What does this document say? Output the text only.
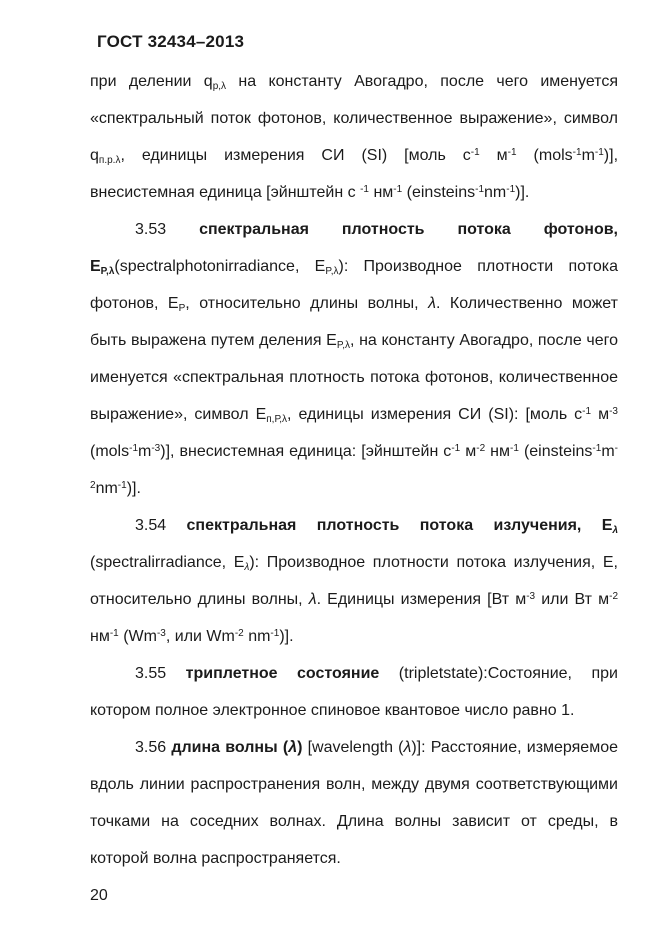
ГОСТ 32434–2013

при делении qр,λ на константу Авогадро, после чего именуется «спектральный поток фотонов, количественное выражение», символ qп.р.λ, единицы измерения СИ (SI) [моль $с^{-1}$ $м^{-1}$ $(mols^{-1}m^{-1})$], внесистемная единица [эйнштейн с $^{-1}$ $нм^{-1}$ $(einsteins^{-1}nm^{-1})$].

3.53 спектральная плотность потока фотонов, EP,λ(spectralphotonirradiance, EP,λ): Производное плотности потока фотонов, EP, относительно длины волны, λ. Количественно может быть выражена путем деления EP,λ, на константу Авогадро, после чего именуется «спектральная плотность потока фотонов, количественное выражение», символ Eп,Р,λ, единицы измерения СИ (SI): [моль $с^{-1}$ $м^{-3}$ $(mols^{-1}m^{-3})$], внесистемная единица: [эйнштейн $с^{-1}$ $м^{-2}$ $нм^{-1}$ $(einsteins^{-1}m^{-2}nm^{-1})$].

3.54 спектральная плотность потока излучения, Eλ (spectralirradiance, Eλ): Производное плотности потока излучения, E, относительно длины волны, λ. Единицы измерения [Вт $м^{-3}$ или Вт $м^{-2}$ $нм^{-1}$ ($Wm^{-3}$, или $Wm^{-2}$ $nm^{-1}$)].

3.55 триплетное состояние (tripletstate):Состояние, при котором полное электронное спиновое квантовое число равно 1.

3.56 длина волны (λ) [wavelength (λ)]: Расстояние, измеряемое вдоль линии распространения волн, между двумя соответствующими точками на соседних волнах. Длина волны зависит от среды, в которой волна распространяется.

20
